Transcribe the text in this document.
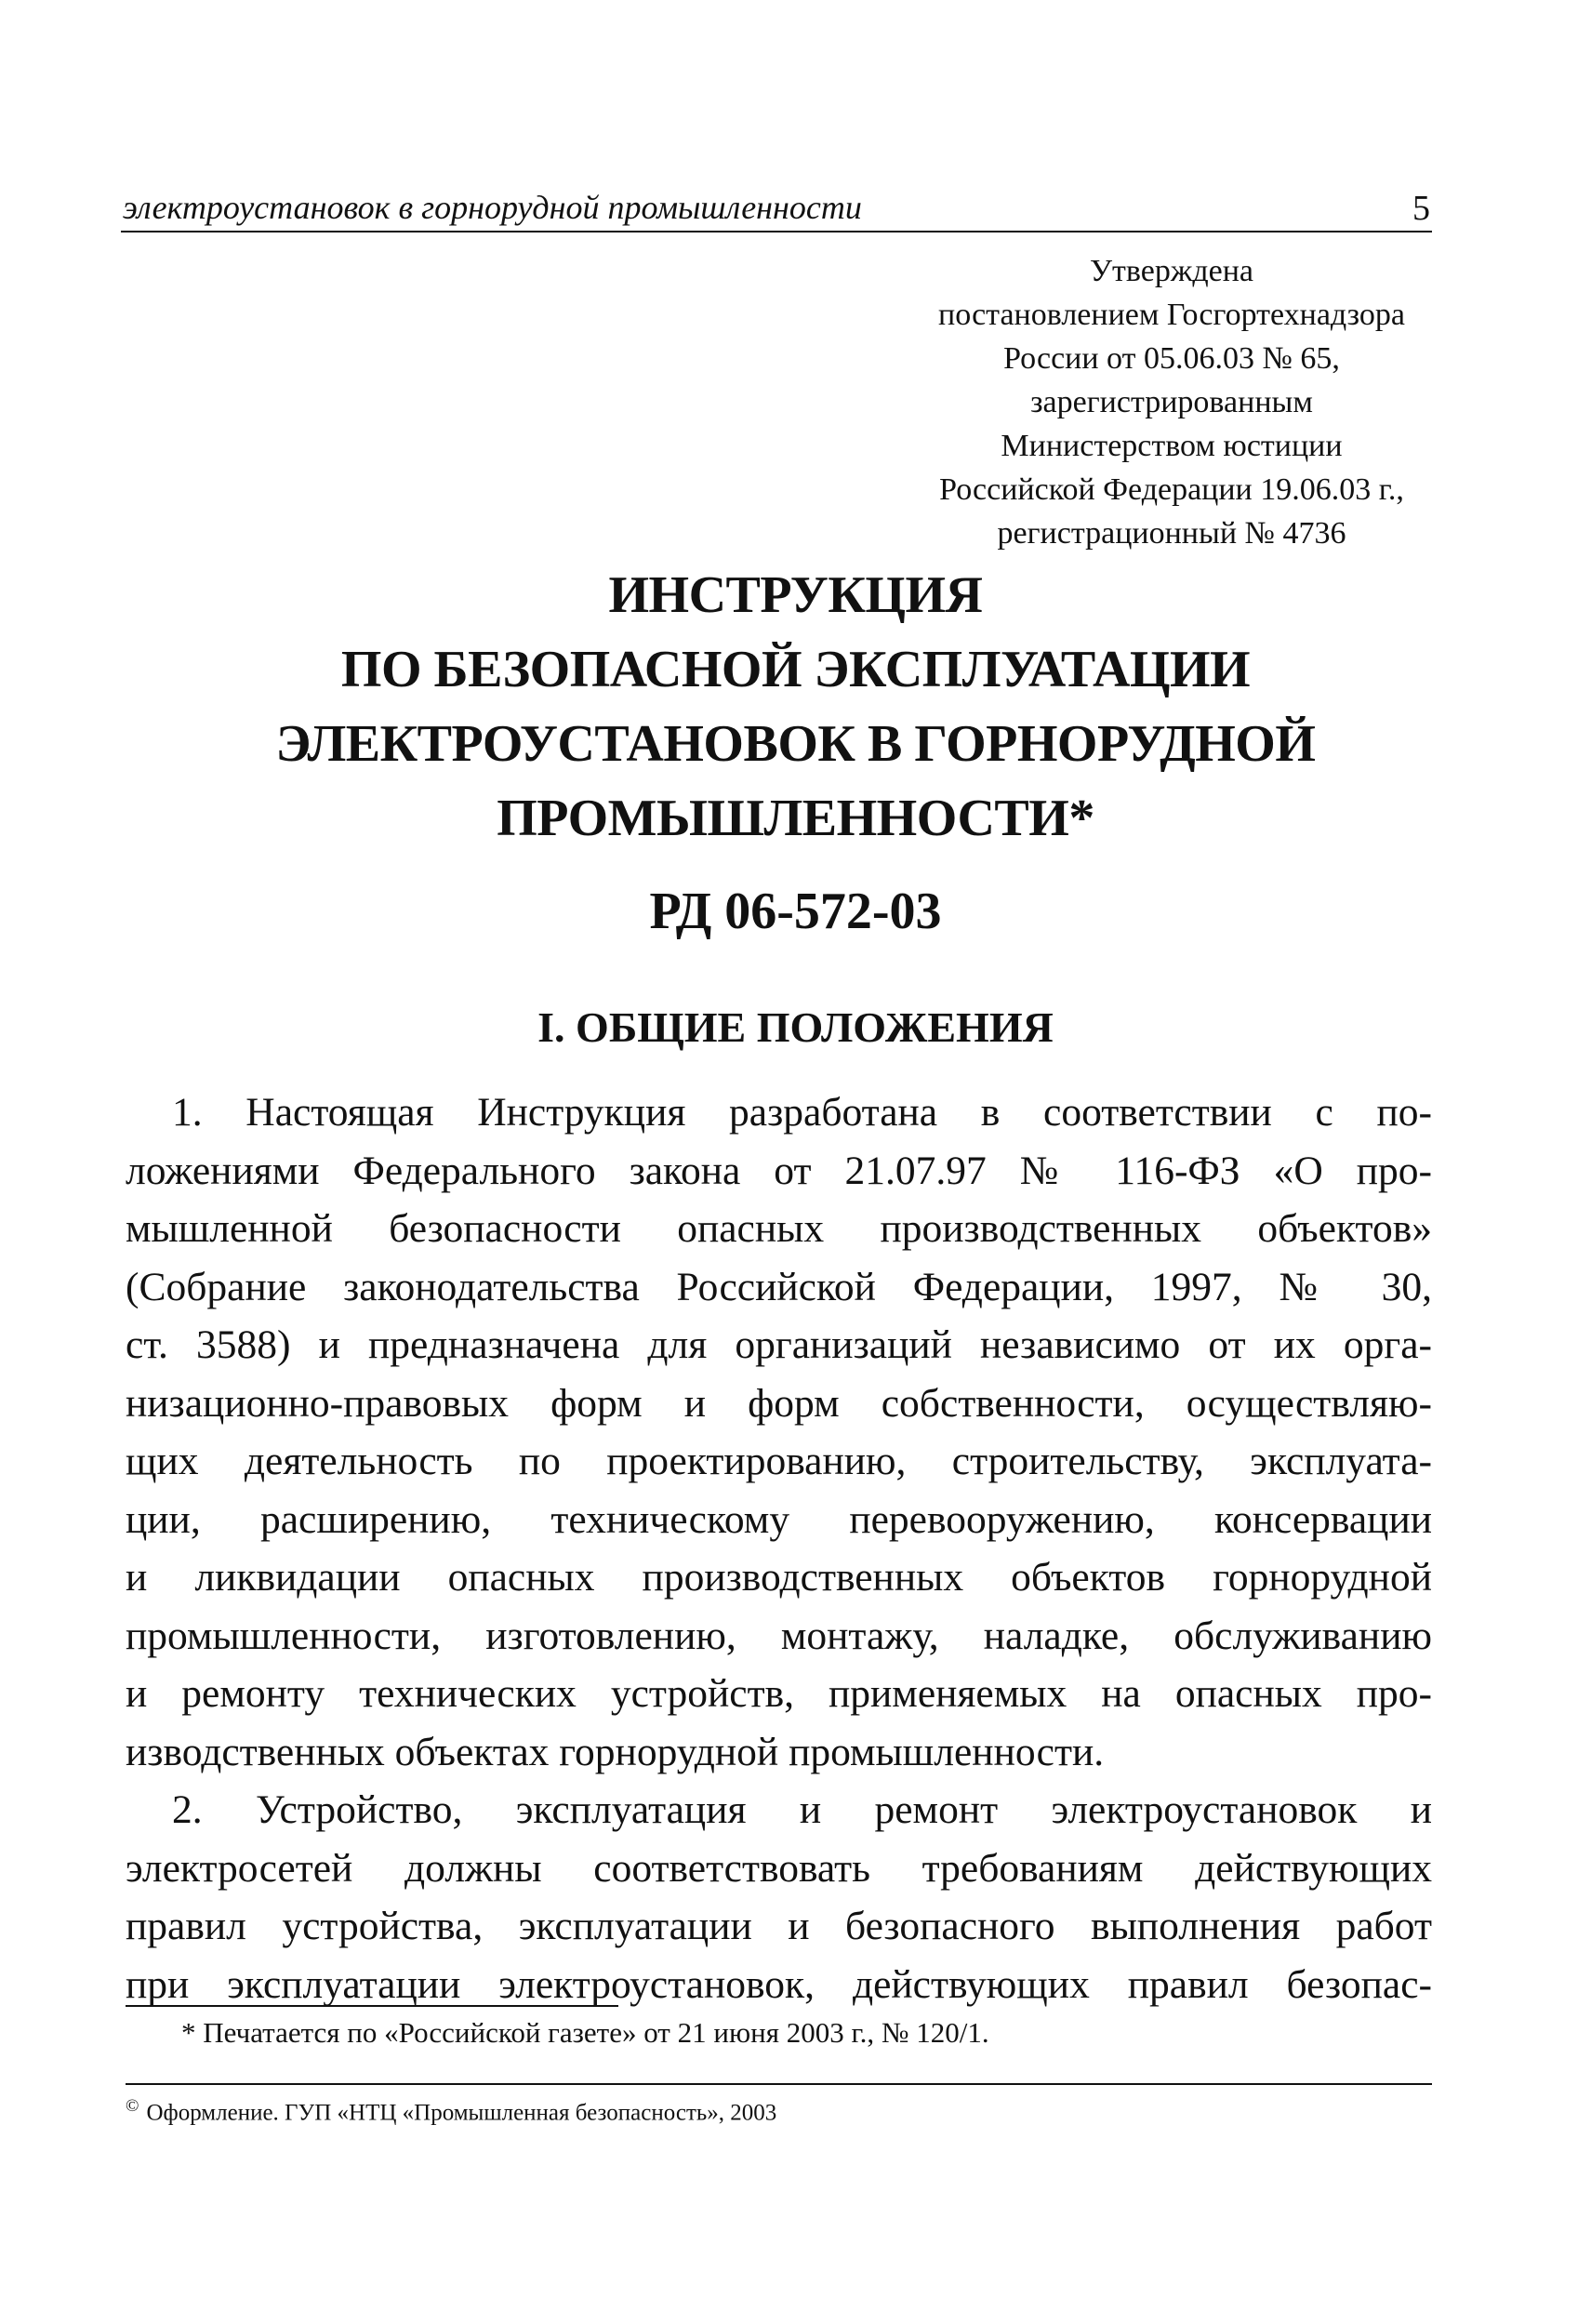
электроустановок в горнорудной промышленности	5
Утверждена
постановлением Госгортехнадзора
России от 05.06.03 № 65,
зарегистрированным
Министерством юстиции
Российской Федерации 19.06.03 г.,
регистрационный № 4736
ИНСТРУКЦИЯ
ПО БЕЗОПАСНОЙ ЭКСПЛУАТАЦИИ
ЭЛЕКТРОУСТАНОВОК В ГОРНОРУДНОЙ
ПРОМЫШЛЕННОСТИ*
РД 06-572-03
I. ОБЩИЕ ПОЛОЖЕНИЯ
1. Настоящая Инструкция разработана в соответствии с по-
ложениями Федерального закона от 21.07.97 № 116-ФЗ «О про-
мышленной безопасности опасных производственных объектов»
(Собрание законодательства Российской Федерации, 1997, № 30,
ст. 3588) и предназначена для организаций независимо от их орга-
низационно-правовых форм и форм собственности, осуществляю-
щих деятельность по проектированию, строительству, эксплуата-
ции, расширению, техническому перевооружению, консервации
и ликвидации опасных производственных объектов горнорудной
промышленности, изготовлению, монтажу, наладке, обслуживанию
и ремонту технических устройств, применяемых на опасных про-
изводственных объектах горнорудной промышленности.
2. Устройство, эксплуатация и ремонт электроустановок и
электросетей должны соответствовать требованиям действующих
правил устройства, эксплуатации и безопасного выполнения работ
при эксплуатации электроустановок, действующих правил безопас-
* Печатается по «Российской газете» от 21 июня 2003 г., № 120/1.
© Оформление. ГУП «НТЦ «Промышленная безопасность», 2003
